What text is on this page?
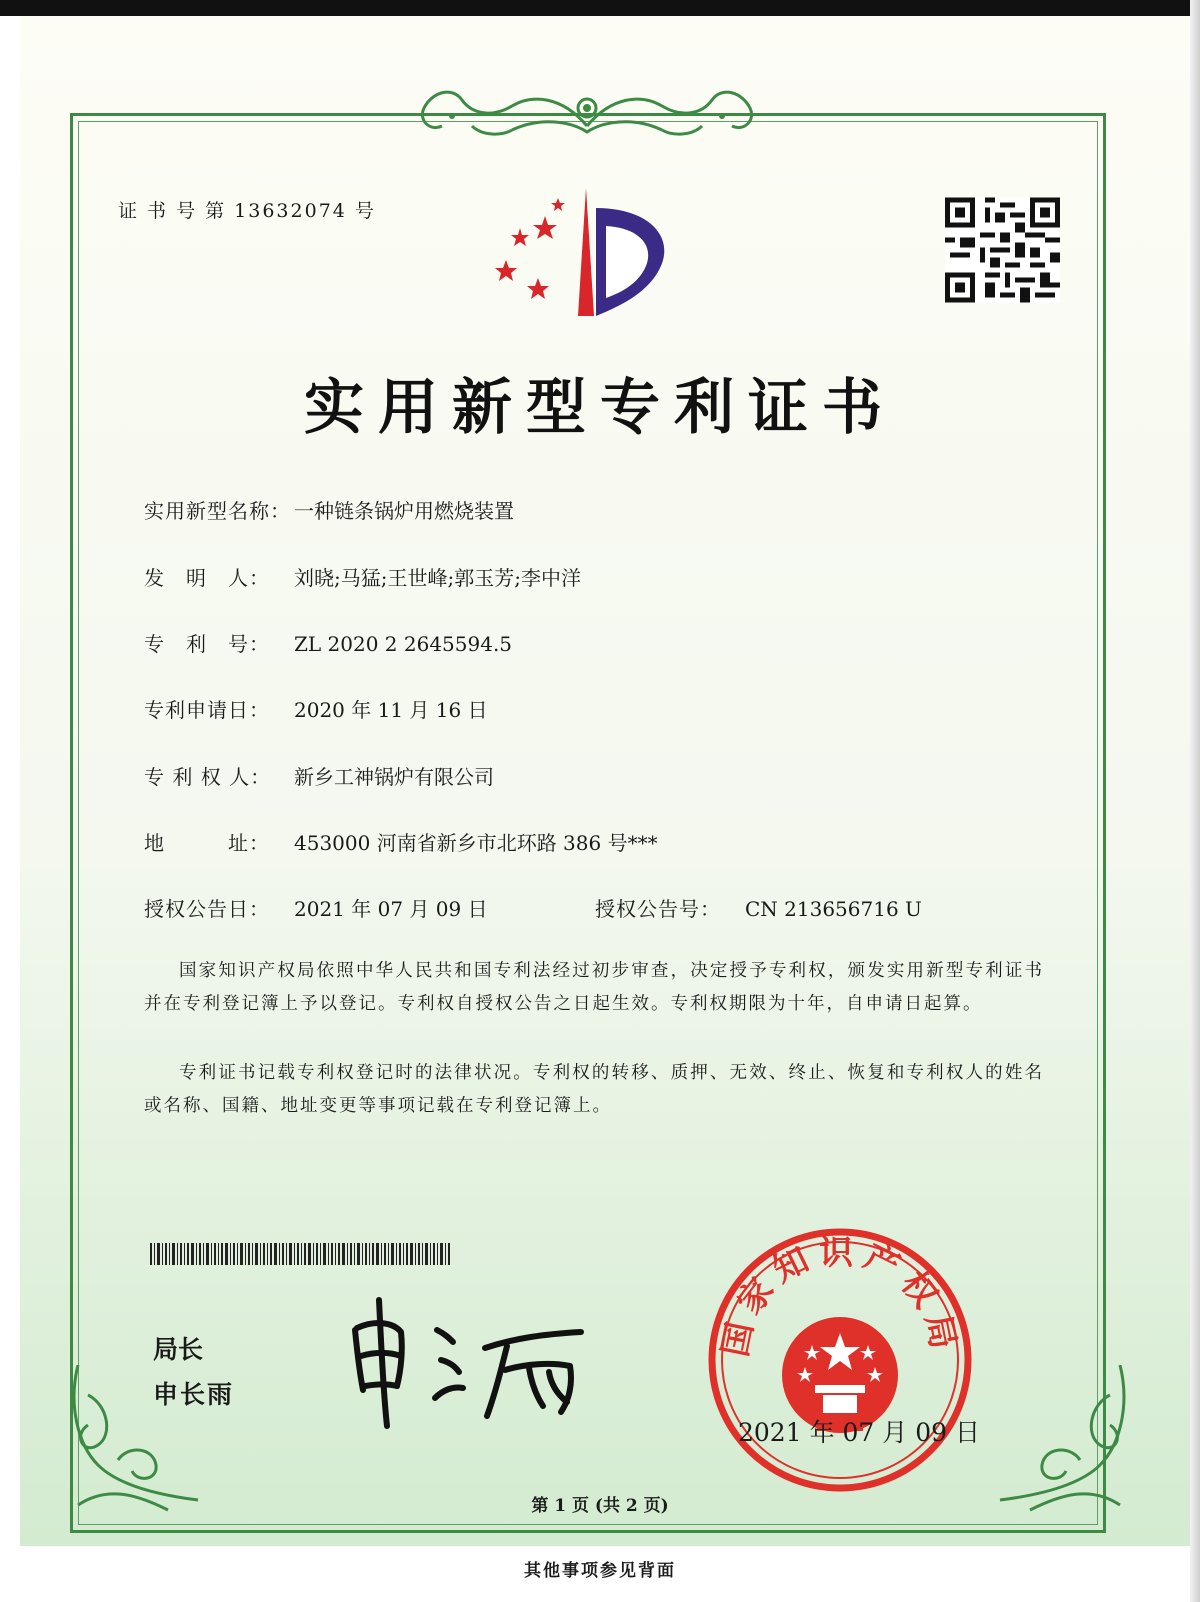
证 书 号 第 13632074 号
实用新型专利证书
实用新型名称： 一种链条锅炉用燃烧装置
发　明　人： 刘晓;马猛;王世峰;郭玉芳;李中洋
专　利　号： ZL 2020 2 2645594.5
专利申请日： 2020 年 11 月 16 日
专 利 权 人： 新乡工神锅炉有限公司
地　　　址： 453000 河南省新乡市北环路 386 号***
授权公告日： 2021 年 07 月 09 日	授权公告号： CN 213656716 U
国家知识产权局依照中华人民共和国专利法经过初步审查，决定授予专利权，颁发实用新型专利证书并在专利登记簿上予以登记。专利权自授权公告之日起生效。专利权期限为十年，自申请日起算。
专利证书记载专利权登记时的法律状况。专利权的转移、质押、无效、终止、恢复和专利权人的姓名或名称、国籍、地址变更等事项记载在专利登记簿上。
局长
申长雨
国家知识产权局
2021 年 07 月 09 日
第 1 页 (共 2 页)
其他事项参见背面
